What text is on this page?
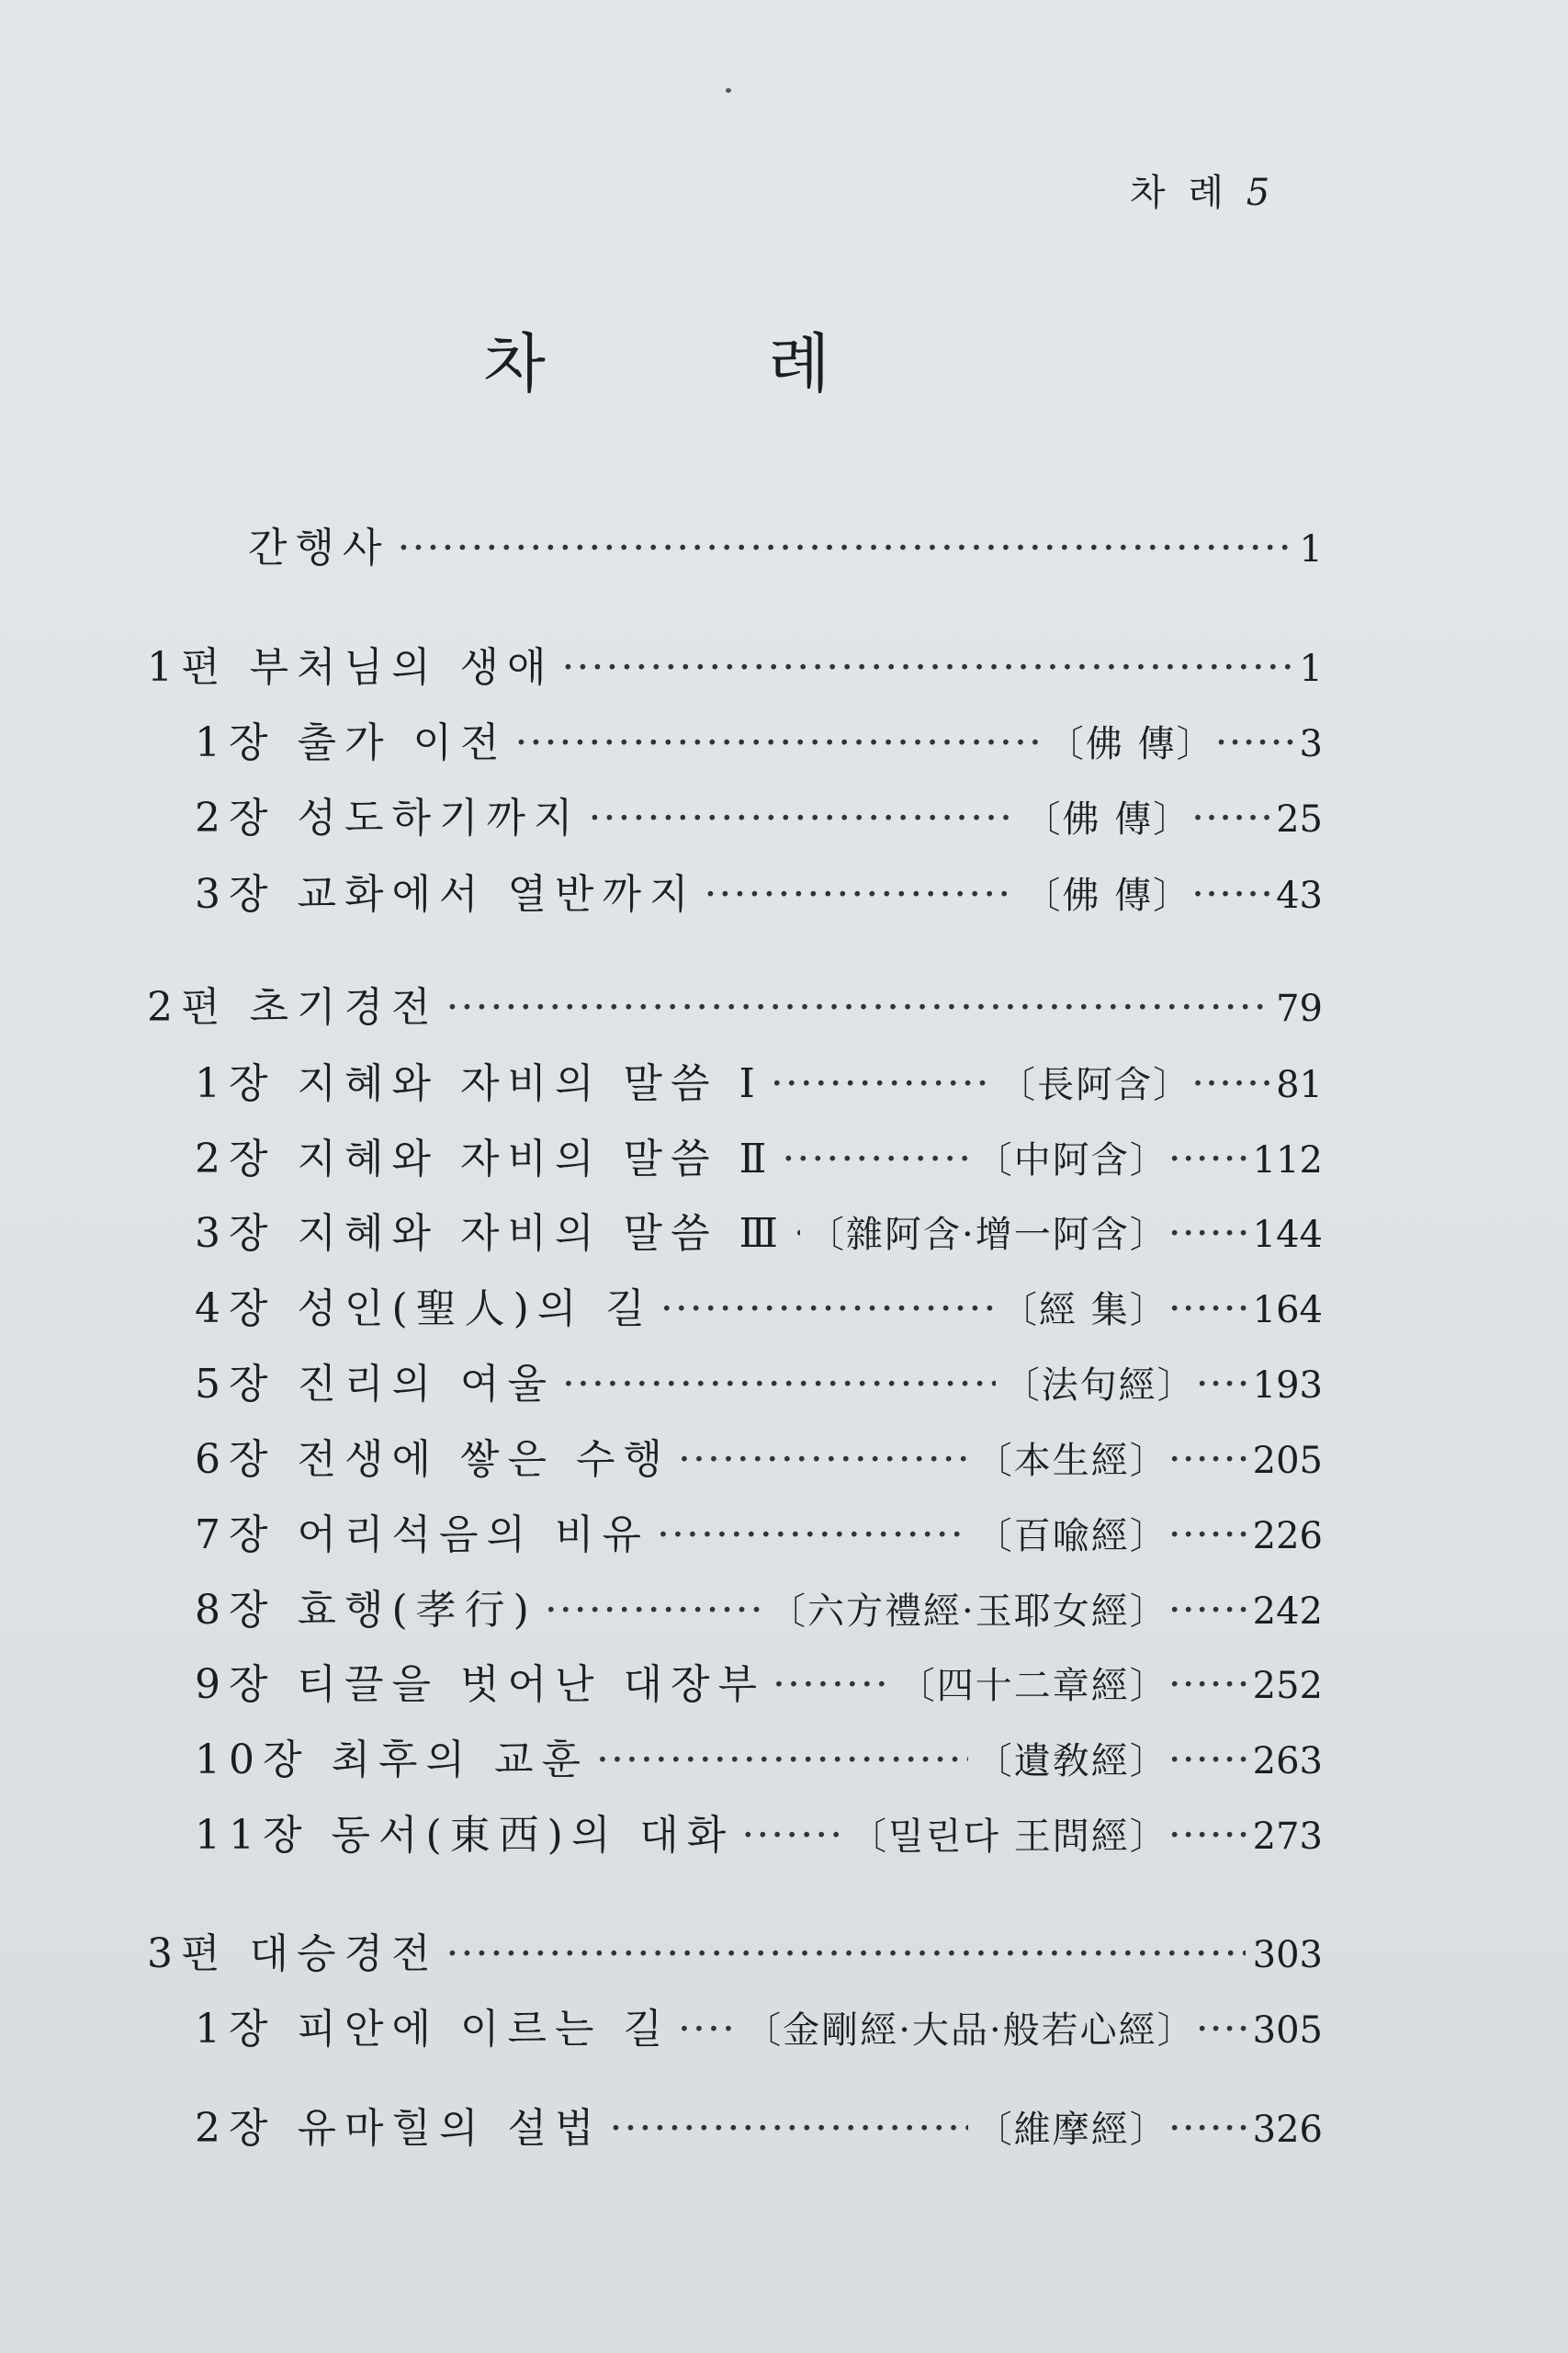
차 례 5
차 례
간행사 ·····	1
1편 부처님의 생애 ·····	1
1장 출가 이전 ·····	〔佛 傳〕 ······ 3
2장 성도하기까지 ·····	〔佛 傳〕 ······ 25
3장 교화에서 열반까지 ·····	〔佛 傳〕 ······ 43
2편 초기경전 ·····	79
1장 지혜와 자비의 말씀 Ⅰ ·····	〔長阿含〕 ······ 81
2장 지혜와 자비의 말씀 Ⅱ ·····	〔中阿含〕 ······ 112
3장 지혜와 자비의 말씀 Ⅲ ····· 〔雜阿含·增一阿含〕 ······ 144
4장 성인(聖人)의 길 ·····	〔經 集〕 ······ 164
5장 진리의 여울 ·····	〔法句經〕 ···· 193
6장 전생에 쌓은 수행 ·····	〔本生經〕 ······ 205
7장 어리석음의 비유 ·····	〔百喩經〕 ······ 226
8장 효행(孝行) ·····	〔六方禮經·玉耶女經〕 ······ 242
9장 티끌을 벗어난 대장부 ·····	〔四十二章經〕 ······ 252
10장 최후의 교훈 ·····	〔遺敎經〕 ······ 263
11장 동서(東西)의 대화 ·····	〔밀린다 王問經〕 ······ 273
3편 대승경전 ·····	303
1장 피안에 이르는 길 ····· 〔金剛經·大品·般若心經〕 ···· 305
2장 유마힐의 설법 ·····	〔維摩經〕 ······ 326
